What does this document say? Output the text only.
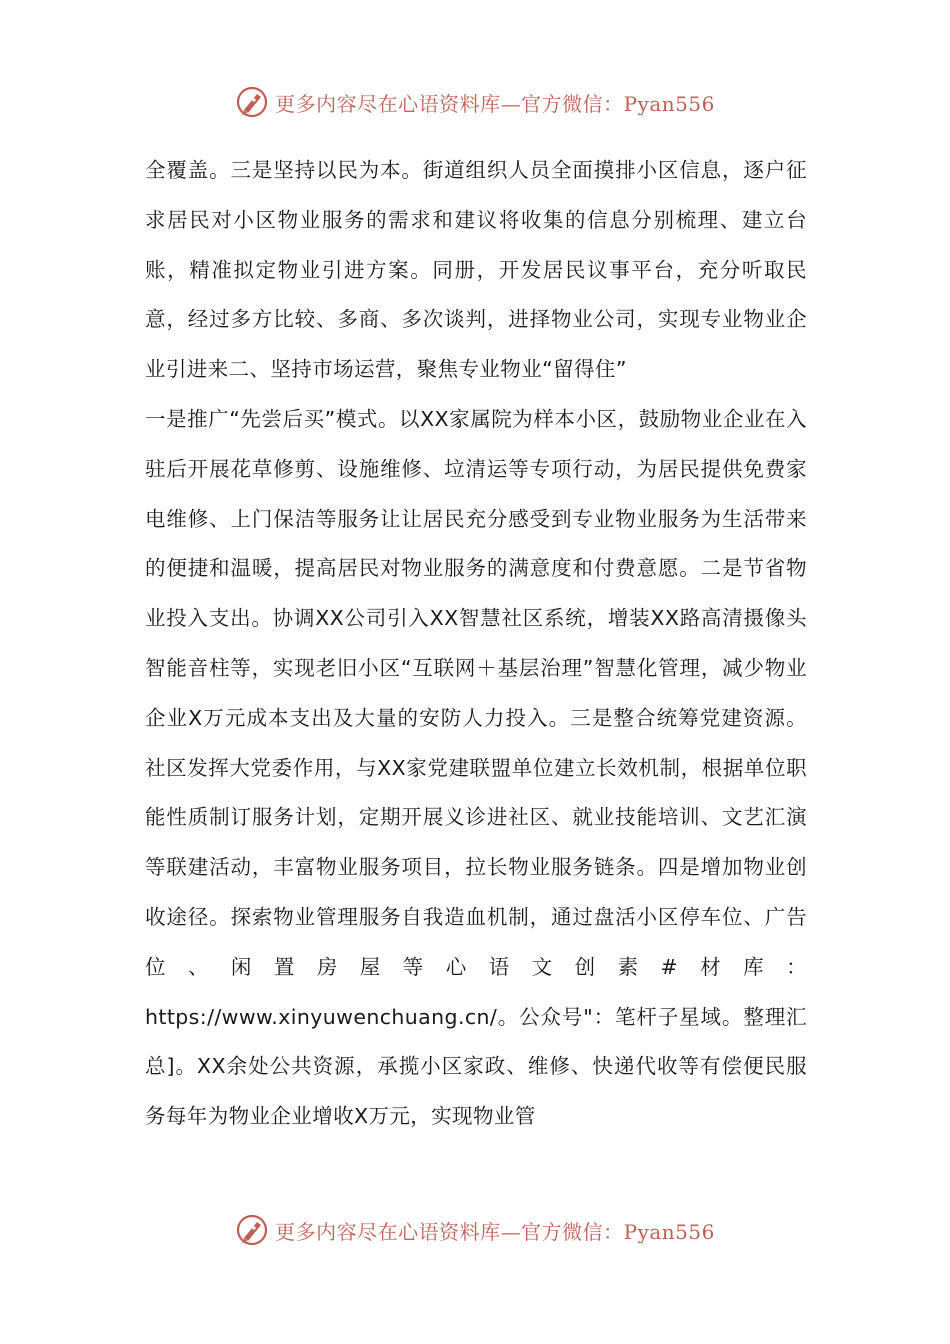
更多内容尽在心语资料库—官方微信：Pyan556

全覆盖。三是坚持以民为本。街道组织人员全面摸排小区信息，逐户征求居民对小区物业服务的需求和建议将收集的信息分别梳理、建立台账，精准拟定物业引进方案。同册，开发居民议事平台，充分听取民意，经过多方比较、多商、多次谈判，进择物业公司，实现专业物业企业引进来二、坚持市场运营，聚焦专业物业“留得住”

一是推广“先尝后买”模式。以XX家属院为样本小区，鼓励物业企业在入驻后开展花草修剪、设施维修、垃清运等专项行动，为居民提供免费家电维修、上门保洁等服务让让居民充分感受到专业物业服务为生活带来的便捷和温暖，提高居民对物业服务的满意度和付费意愿。二是节省物业投入支出。协调XX公司引入XX智慧社区系统，增装XX路高清摄像头智能音柱等，实现老旧小区“互联网＋基层治理”智慧化管理，减少物业企业X万元成本支出及大量的安防人力投入。三是整合统筹党建资源。社区发挥大党委作用，与XX家党建联盟单位建立长效机制，根据单位职能性质制订服务计划，定期开展义诊进社区、就业技能培训、文艺汇演等联建活动，丰富物业服务项目，拉长物业服务链条。四是增加物业创收途径。探索物业管理服务自我造血机制，通过盘活小区停车位、广告位、闲置房屋等心语文创素#材库：https://www.xinyuwenchuang.cn/。公众号"：笔杆子星域。整理汇总]。XX余处公共资源，承揽小区家政、维修、快递代收等有偿便民服务每年为物业企业增收X万元，实现物业管

更多内容尽在心语资料库—官方微信：Pyan556
